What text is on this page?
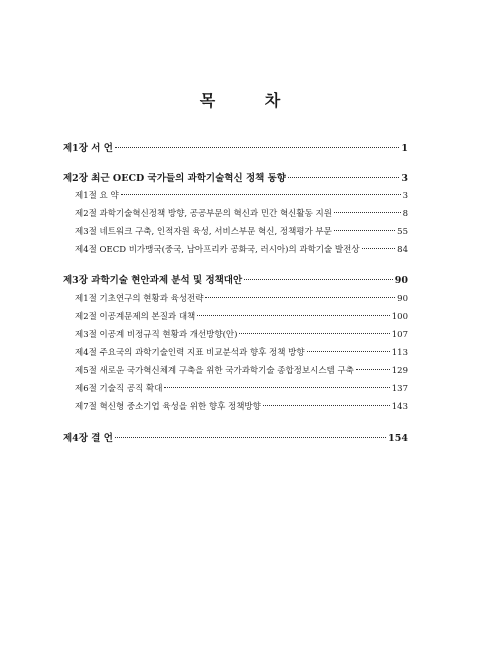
목 차
제1장 서 언	1
제2장 최근 OECD 국가들의 과학기술혁신 정책 동향	3
제1절 요 약	3
제2절 과학기술혁신정책 방향, 공공부문의 혁신과 민간 혁신활동 지원	8
제3절 네트워크 구축, 인적자원 육성, 서비스부문 혁신, 정책평가 부문	55
제4절 OECD 비가맹국(중국, 남아프리카 공화국, 러시아)의 과학기술 발전상	84
제3장 과학기술 현안과제 분석 및 정책대안	90
제1절 기초연구의 현황과 육성전략	90
제2절 이공계문제의 본질과 대책	100
제3절 이공계 비정규직 현황과 개선방향(안)	107
제4절 주요국의 과학기술인력 지표 비교분석과 향후 정책 방향	113
제5절 새로운 국가혁신체계 구축을 위한 국가과학기술 종합정보시스템 구축	129
제6절 기술직 공직 확대	137
제7절 혁신형 중소기업 육성을 위한 향후 정책방향	143
제4장 결 언	154
